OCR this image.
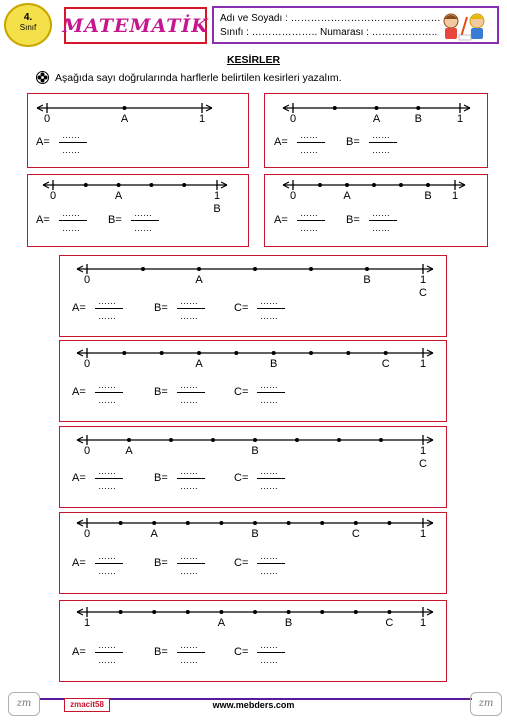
4.
Sınıf	MATEMATİK Adı ve Soyadı : ………………………………………
Sınıfı : ……………….. Numarası : ………………..
KESİRLER
Aşağıda sayı doğrularında harflerle belirtilen kesirleri yazalım.
zm	zm
zmacit58	www.mebders.com
0	A	1
A=
……
……
0	A	B	1
A=
……
……
B=
……
……
0	A	1
B
A=
……
……
B=
……
……
0	A	B 1
A=
……
……
B=
……
……
0	A	B	1
C
A=
……
……
B=
……
……
C=
……
……
0	A	B	C	1
A=
……
……
B=
……
……
C=
……
……
0	A	B	1
C
A=
……
……
B=
……
……
C=
……
……
0	A	B	C	1
A=
……
……
B=
……
……
C=
……
……
1	A	B	C 1
A=
……
……
B=
……
……
C=
……
……
